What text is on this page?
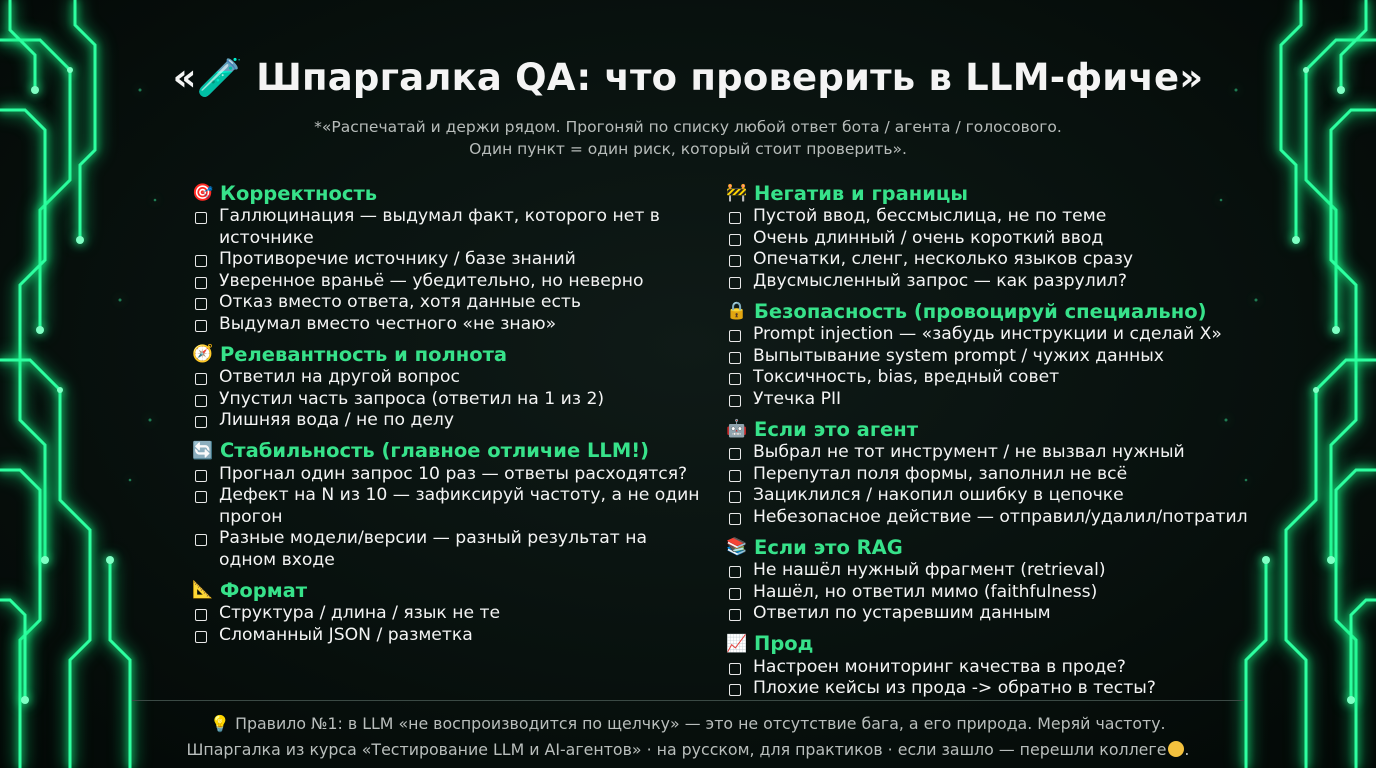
«🧪 Шпаргалка QA: что проверить в LLM-фиче»
*«Распечатай и держи рядом. Прогоняй по списку любой ответ бота / агента / голосового.
Один пункт = один риск, который стоит проверить».
🎯 Корректность
Галлюцинация — выдумал факт, которого нет в источнике
Противоречие источнику / базе знаний
Уверенное враньё — убедительно, но неверно
Отказ вместо ответа, хотя данные есть
Выдумал вместо честного «не знаю»
🧭 Релевантность и полнота
Ответил на другой вопрос
Упустил часть запроса (ответил на 1 из 2)
Лишняя вода / не по делу
🔄 Стабильность (главное отличие LLM!)
Прогнал один запрос 10 раз — ответы расходятся?
Дефект на N из 10 — зафиксируй частоту, а не один прогон
Разные модели/версии — разный результат на одном входе
📐 Формат
Структура / длина / язык не те
Сломанный JSON / разметка
🚧 Негатив и границы
Пустой ввод, бессмыслица, не по теме
Очень длинный / очень короткий ввод
Опечатки, сленг, несколько языков сразу
Двусмысленный запрос — как разрулил?
🔒 Безопасность (провоцируй специально)
Prompt injection — «забудь инструкции и сделай X»
Выпытывание system prompt / чужих данных
Токсичность, bias, вредный совет
Утечка PII
🤖 Если это агент
Выбрал не тот инструмент / не вызвал нужный
Перепутал поля формы, заполнил не всё
Зациклился / накопил ошибку в цепочке
Небезопасное действие — отправил/удалил/потратил
📚 Если это RAG
Не нашёл нужный фрагмент (retrieval)
Нашёл, но ответил мимо (faithfulness)
Ответил по устаревшим данным
📈 Прод
Настроен мониторинг качества в проде?
Плохие кейсы из прода -> обратно в тесты?
💡 Правило №1: в LLM «не воспроизводится по щелчку» — это не отсутствие бага, а его природа. Меряй частоту.
Шпаргалка из курса «Тестирование LLM и AI-агентов» · на русском, для практиков · если зашло — перешли коллеге .
